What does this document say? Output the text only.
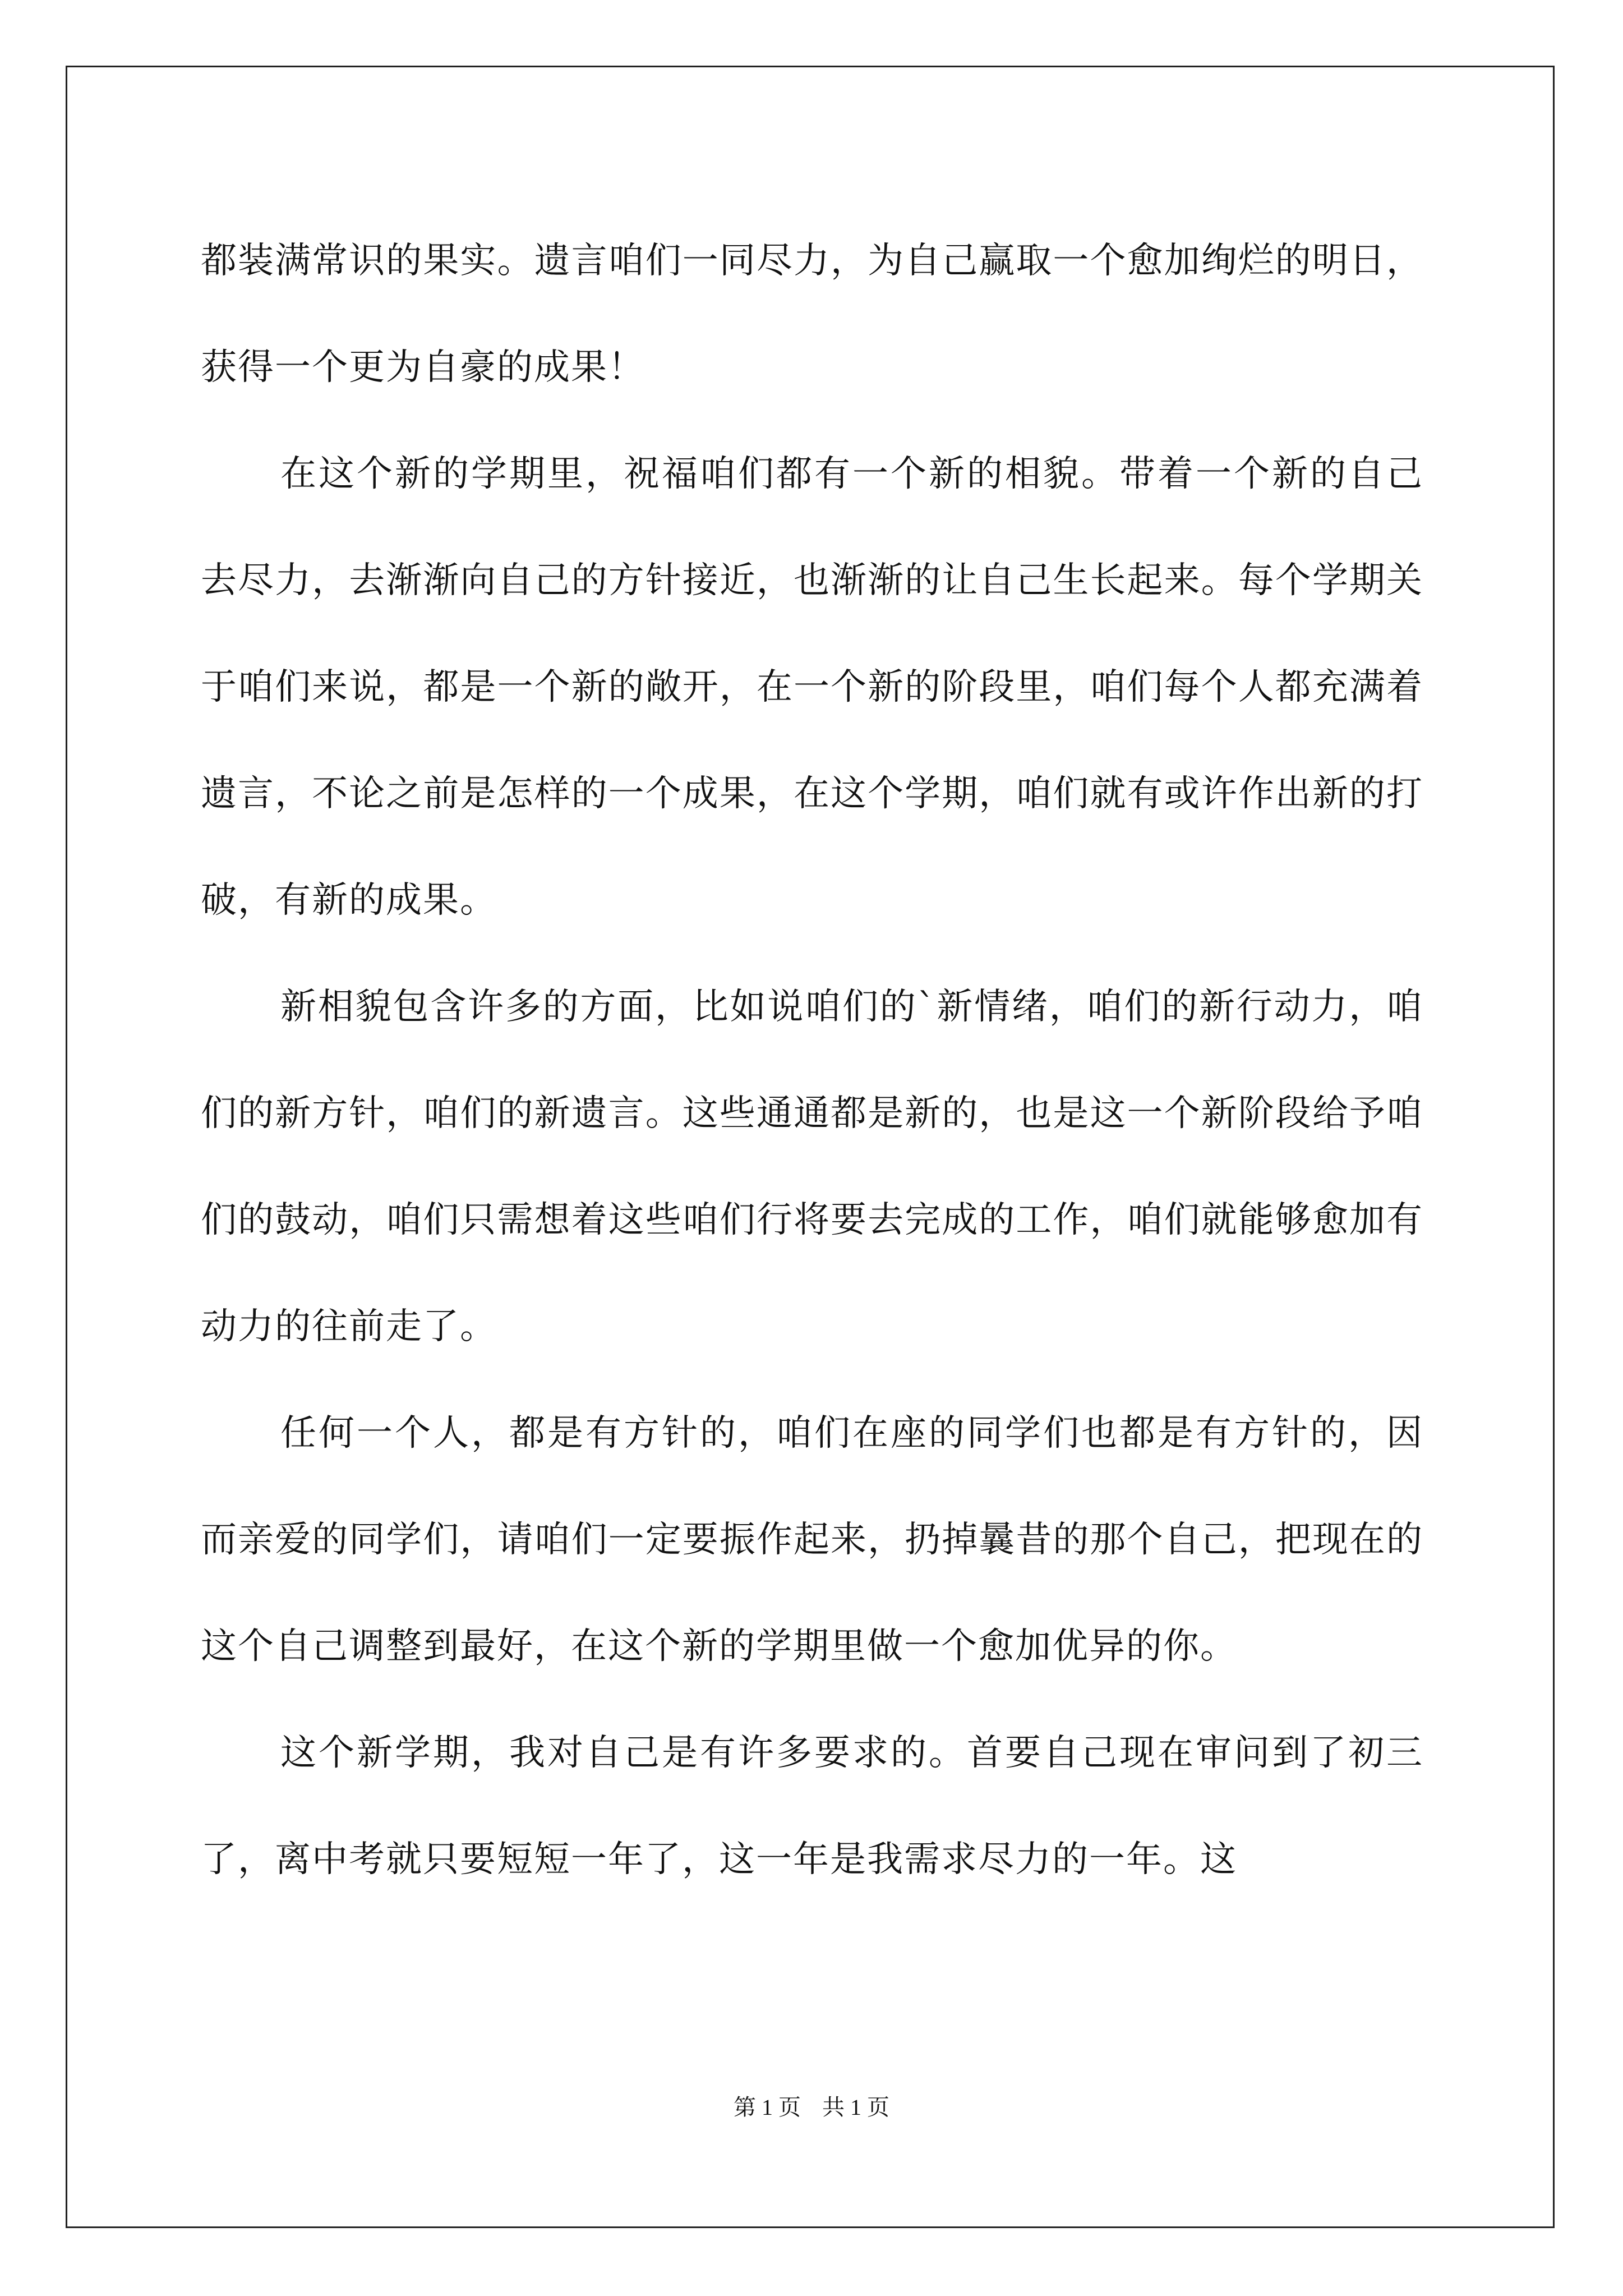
都装满常识的果实。遗言咱们一同尽力，为自己赢取一个愈加绚烂的明日，获得一个更为自豪的成果！

在这个新的学期里，祝福咱们都有一个新的相貌。带着一个新的自己去尽力，去渐渐向自己的方针接近，也渐渐的让自己生长起来。每个学期关于咱们来说，都是一个新的敞开，在一个新的阶段里，咱们每个人都充满着遗言，不论之前是怎样的一个成果，在这个学期，咱们就有或许作出新的打破，有新的成果。

新相貌包含许多的方面，比如说咱们的`新情绪，咱们的新行动力，咱们的新方针，咱们的新遗言。这些通通都是新的，也是这一个新阶段给予咱们的鼓动，咱们只需想着这些咱们行将要去完成的工作，咱们就能够愈加有动力的往前走了。

任何一个人，都是有方针的，咱们在座的同学们也都是有方针的，因而亲爱的同学们，请咱们一定要振作起来，扔掉曩昔的那个自己，把现在的这个自己调整到最好，在这个新的学期里做一个愈加优异的你。

这个新学期，我对自己是有许多要求的。首要自己现在审问到了初三了，离中考就只要短短一年了，这一年是我需求尽力的一年。这

第 1 页 共 1 页
